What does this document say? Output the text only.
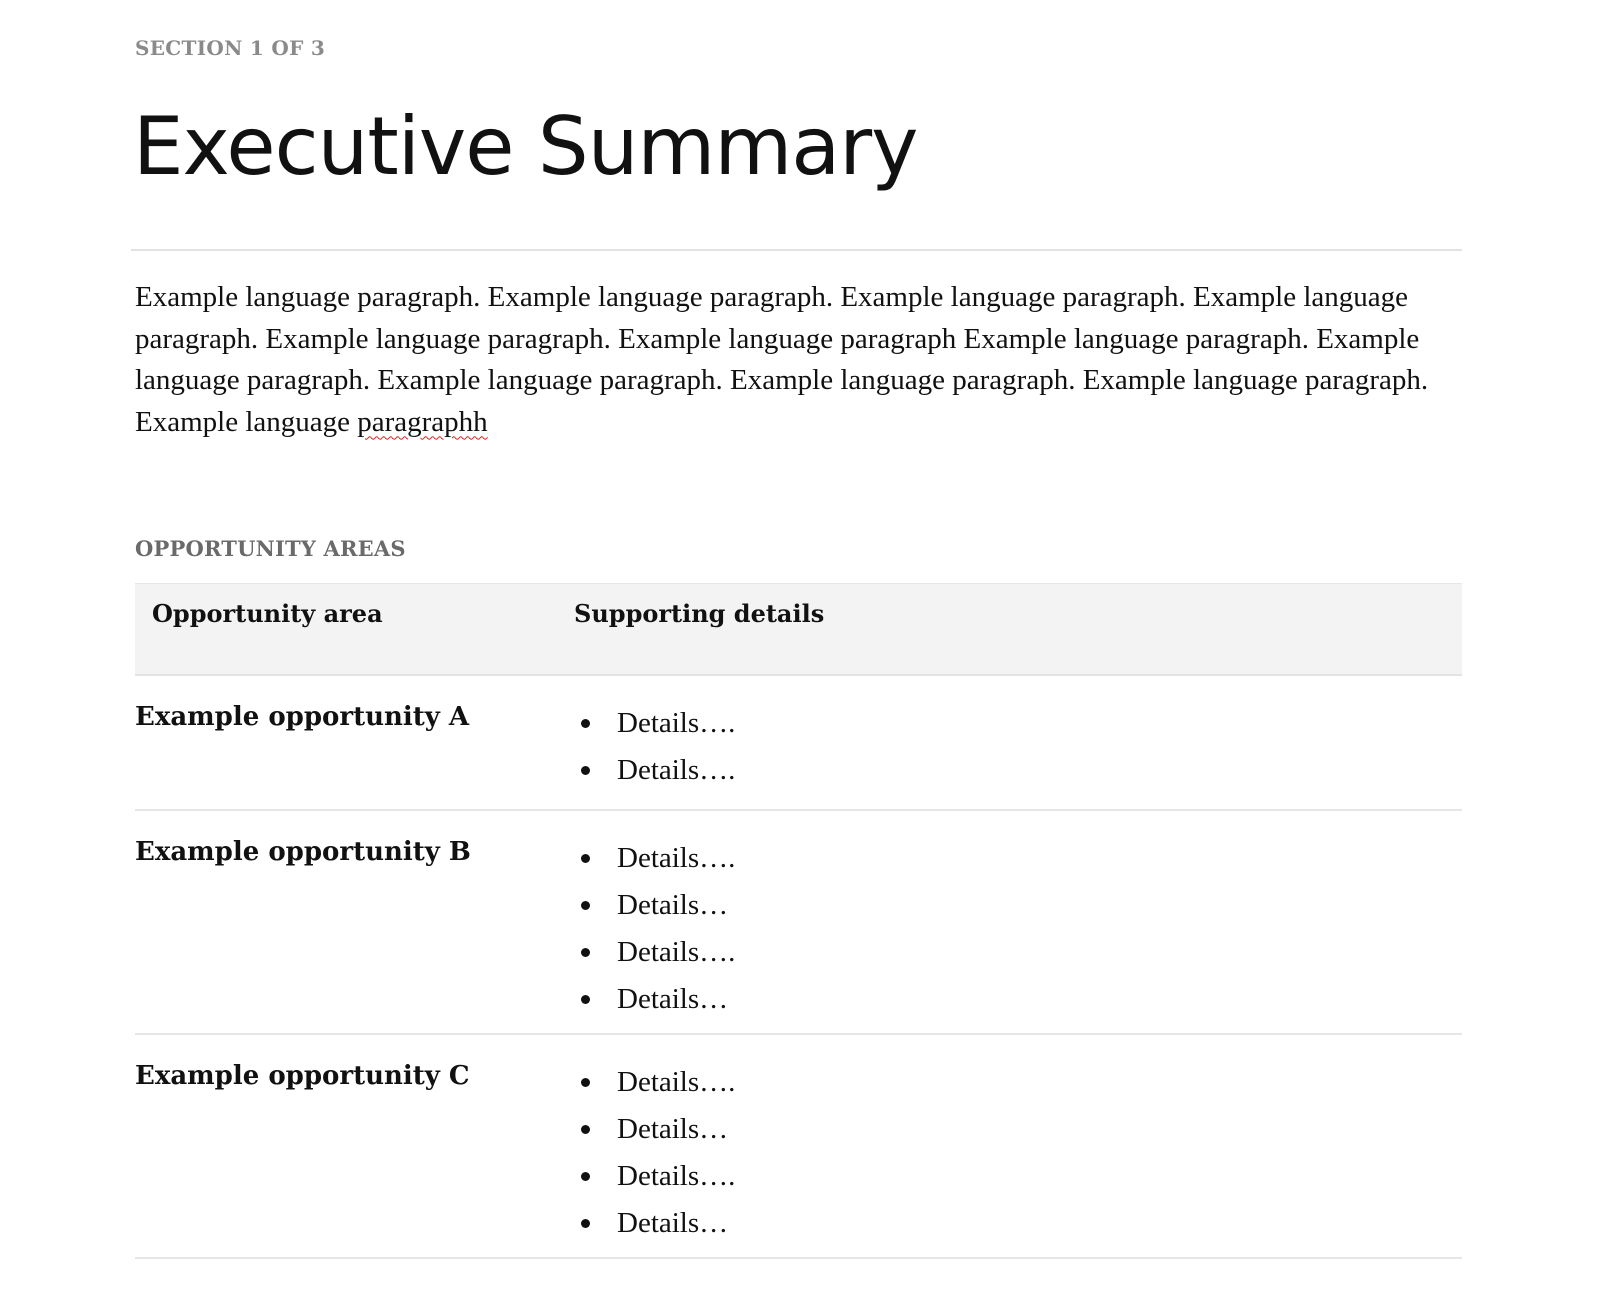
SECTION 1 OF 3
Executive Summary

Example language paragraph. Example language paragraph. Example language paragraph. Example language paragraph. Example language paragraph. Example language paragraph Example language paragraph. Example language paragraph. Example language paragraph. Example language paragraph. Example language paragraph. Example language paragraphh

OPPORTUNITY AREAS
Opportunity area	Supporting details
Example opportunity A	Details….
Details….
Example opportunity B	Details….
Details…
Details….
Details…
Example opportunity C	Details….
Details…
Details….
Details…
